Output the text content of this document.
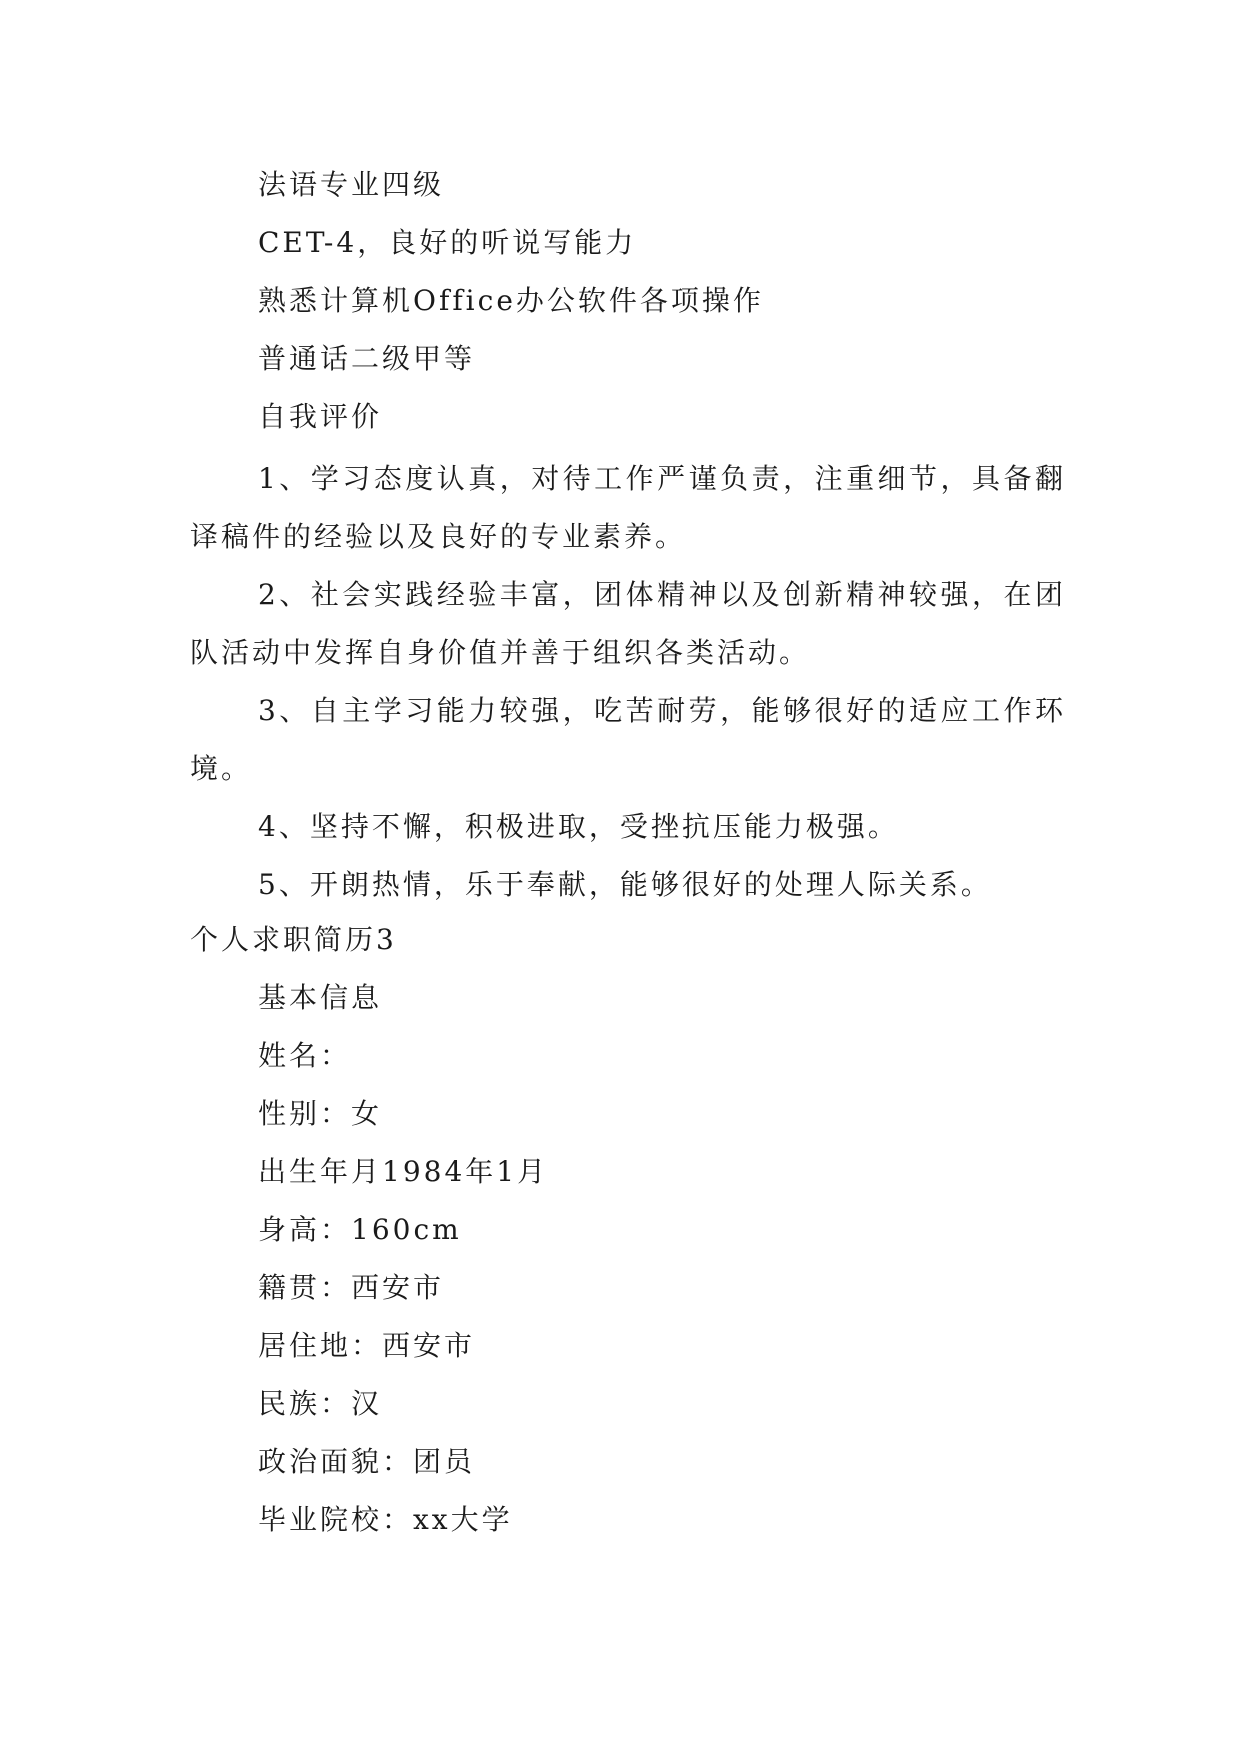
法语专业四级
CET-4，良好的听说写能力
熟悉计算机Office办公软件各项操作
普通话二级甲等
自我评价
1、学习态度认真，对待工作严谨负责，注重细节，具备翻译稿件的经验以及良好的专业素养。
2、社会实践经验丰富，团体精神以及创新精神较强，在团队活动中发挥自身价值并善于组织各类活动。
3、自主学习能力较强，吃苦耐劳，能够很好的适应工作环境。
4、坚持不懈，积极进取，受挫抗压能力极强。
5、开朗热情，乐于奉献，能够很好的处理人际关系。
个人求职简历3
基本信息
姓名：
性别：女
出生年月1984年1月
身高：160cm
籍贯：西安市
居住地：西安市
民族：汉
政治面貌：团员
毕业院校：xx大学
